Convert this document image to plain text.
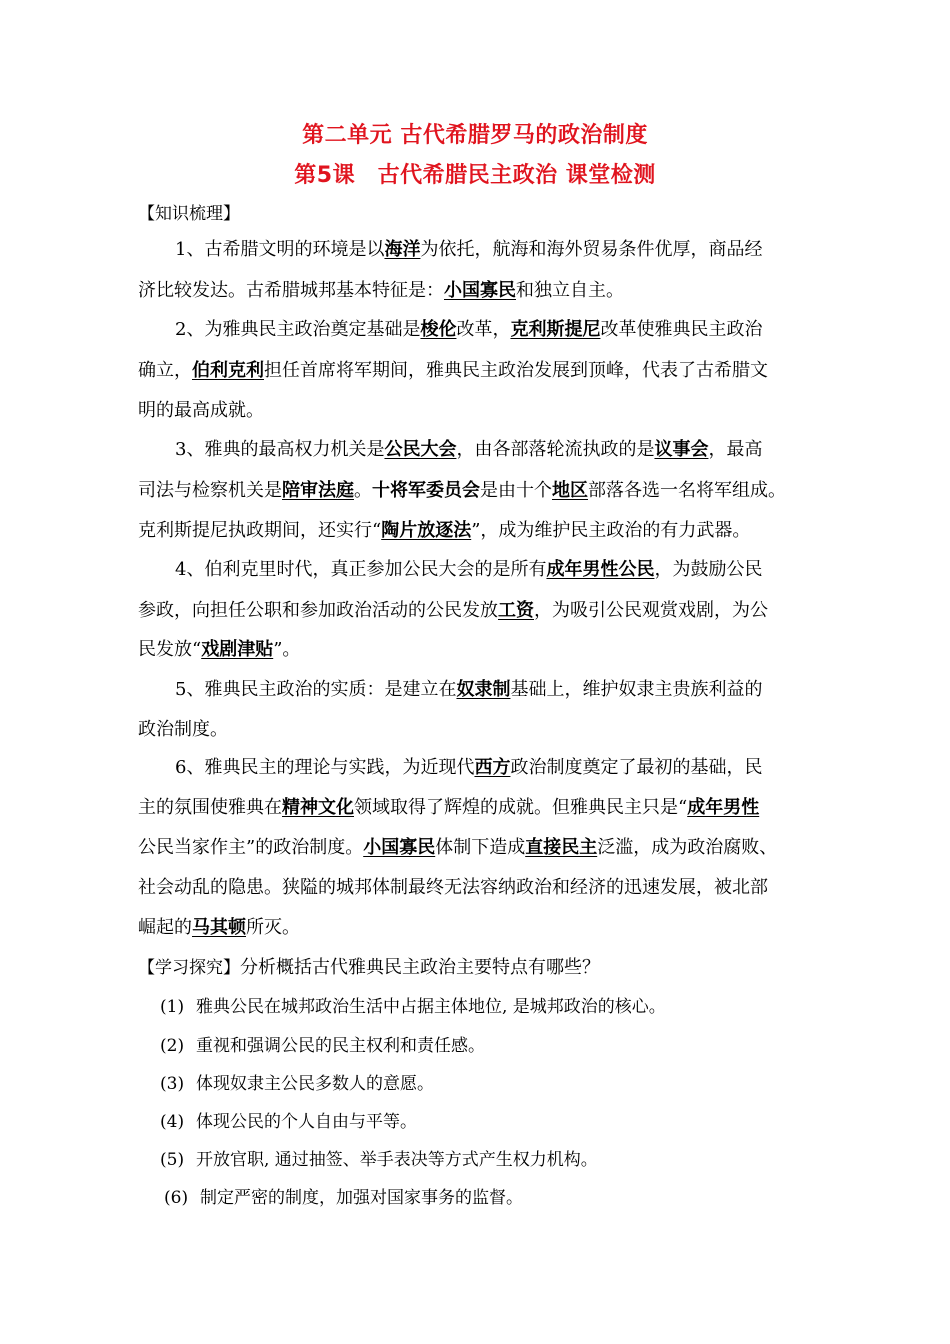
第二单元 古代希腊罗马的政治制度
第5课　古代希腊民主政治 课堂检测
【知识梳理】
1、古希腊文明的环境是以海洋为依托，航海和海外贸易条件优厚，商品经
济比较发达。古希腊城邦基本特征是：小国寡民和独立自主。
2、为雅典民主政治奠定基础是梭伦改革，克利斯提尼改革使雅典民主政治
确立，伯利克利担任首席将军期间，雅典民主政治发展到顶峰，代表了古希腊文
明的最高成就。
3、雅典的最高权力机关是公民大会，由各部落轮流执政的是议事会，最高
司法与检察机关是陪审法庭。十将军委员会是由十个地区部落各选一名将军组成。
克利斯提尼执政期间，还实行“陶片放逐法”，成为维护民主政治的有力武器。
4、伯利克里时代，真正参加公民大会的是所有成年男性公民，为鼓励公民
参政，向担任公职和参加政治活动的公民发放工资，为吸引公民观赏戏剧，为公
民发放“戏剧津贴”。
5、雅典民主政治的实质：是建立在奴隶制基础上，维护奴隶主贵族利益的
政治制度。
6、雅典民主的理论与实践，为近现代西方政治制度奠定了最初的基础，民
主的氛围使雅典在精神文化领域取得了辉煌的成就。但雅典民主只是“成年男性
公民当家作主”的政治制度。小国寡民体制下造成直接民主泛滥，成为政治腐败、
社会动乱的隐患。狭隘的城邦体制最终无法容纳政治和经济的迅速发展，被北部
崛起的马其顿所灭。
【学习探究】分析概括古代雅典民主政治主要特点有哪些？
(1) 雅典公民在城邦政治生活中占据主体地位, 是城邦政治的核心。
(2) 重视和强调公民的民主权利和责任感。
(3) 体现奴隶主公民多数人的意愿。
(4) 体现公民的个人自由与平等。
(5) 开放官职, 通过抽签、举手表决等方式产生权力机构。
(6) 制定严密的制度，加强对国家事务的监督。
